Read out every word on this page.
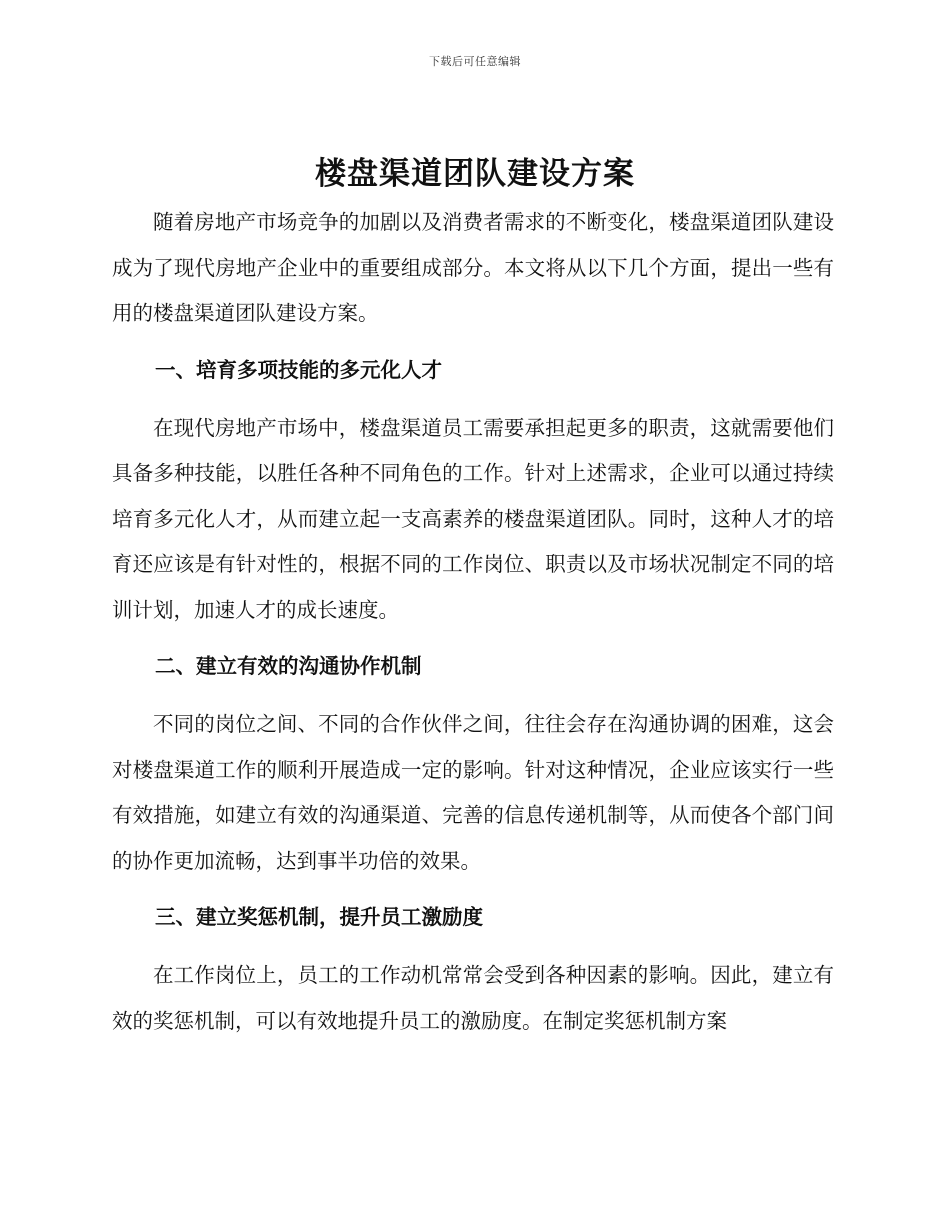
下载后可任意编辑
楼盘渠道团队建设方案

随着房地产市场竞争的加剧以及消费者需求的不断变化，楼盘渠道团队建设成为了现代房地产企业中的重要组成部分。本文将从以下几个方面，提出一些有用的楼盘渠道团队建设方案。

一、培育多项技能的多元化人才

在现代房地产市场中，楼盘渠道员工需要承担起更多的职责，这就需要他们具备多种技能，以胜任各种不同角色的工作。针对上述需求，企业可以通过持续培育多元化人才，从而建立起一支高素养的楼盘渠道团队。同时，这种人才的培育还应该是有针对性的，根据不同的工作岗位、职责以及市场状况制定不同的培训计划，加速人才的成长速度。

二、建立有效的沟通协作机制

不同的岗位之间、不同的合作伙伴之间，往往会存在沟通协调的困难，这会对楼盘渠道工作的顺利开展造成一定的影响。针对这种情况，企业应该实行一些有效措施，如建立有效的沟通渠道、完善的信息传递机制等，从而使各个部门间的协作更加流畅，达到事半功倍的效果。

三、建立奖惩机制，提升员工激励度

在工作岗位上，员工的工作动机常常会受到各种因素的影响。因此，建立有效的奖惩机制，可以有效地提升员工的激励度。在制定奖惩机制方案
